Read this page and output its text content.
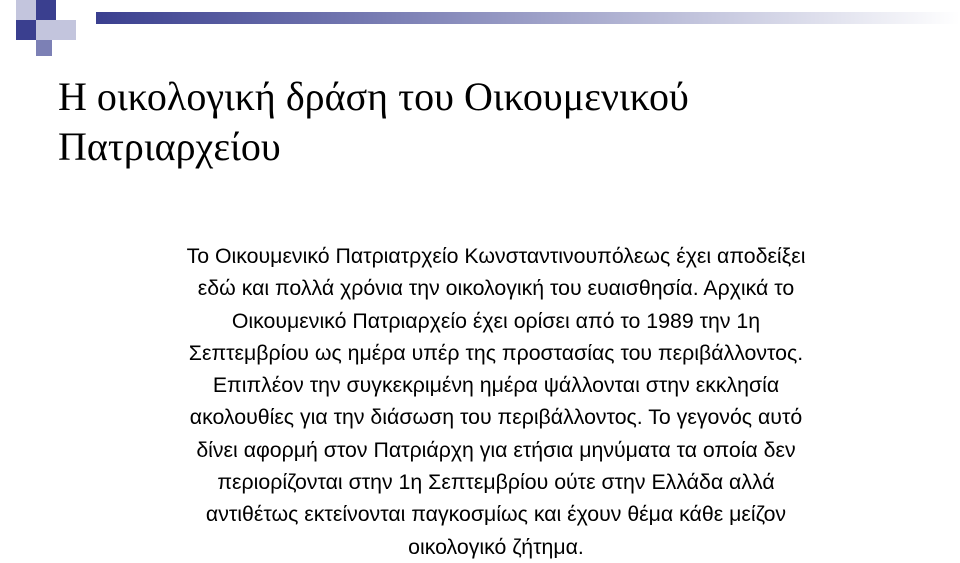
Η οικολογική δράση του Οικουμενικού
Πατριαρχείου

Το Οικουμενικό Πατριατρχείο Κωνσταντινουπόλεως έχει αποδείξει
εδώ και πολλά χρόνια την οικολογική του ευαισθησία. Αρχικά το
Οικουμενικό Πατριαρχείο έχει ορίσει από το 1989 την 1η
Σεπτεμβρίου ως ημέρα υπέρ της προστασίας του περιβάλλοντος.
Επιπλέον την συγκεκριμένη ημέρα ψάλλονται στην εκκλησία
ακολουθίες για την διάσωση του περιβάλλοντος. Το γεγονός αυτό
δίνει αφορμή στον Πατριάρχη για ετήσια μηνύματα τα οποία δεν
περιορίζονται στην 1η Σεπτεμβρίου ούτε στην Ελλάδα αλλά
αντιθέτως εκτείνονται παγκοσμίως και έχουν θέμα κάθε μείζον
οικολογικό ζήτημα.
